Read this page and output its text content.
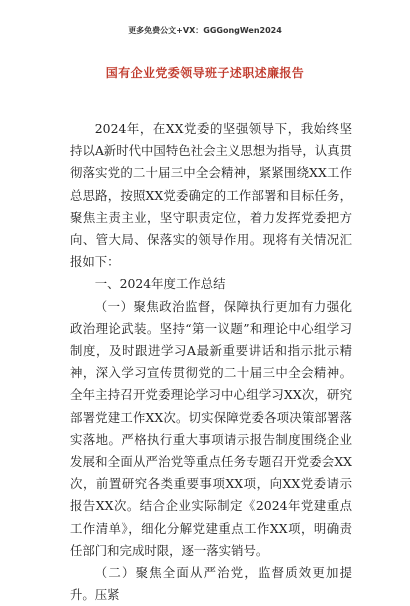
更多免费公文+VX：GGGongWen2024
国有企业党委领导班子述职述廉报告

2024年，在XX党委的坚强领导下，我始终坚持以A新时代中国特色社会主义思想为指导，认真贯彻落实党的二十届三中全会精神，紧紧围绕XX工作总思路，按照XX党委确定的工作部署和目标任务，聚焦主责主业，坚守职责定位，着力发挥党委把方向、管大局、保落实的领导作用。现将有关情况汇报如下：

一、2024年度工作总结

（一）聚焦政治监督，保障执行更加有力强化政治理论武装。坚持“第一议题”和理论中心组学习制度，及时跟进学习A最新重要讲话和指示批示精神，深入学习宣传贯彻党的二十届三中全会精神。全年主持召开党委理论学习中心组学习XX次，研究部署党建工作XX次。切实保障党委各项决策部署落实落地。严格执行重大事项请示报告制度围绕企业发展和全面从严治党等重点任务专题召开党委会XX次，前置研究各类重要事项XX项，向XX党委请示报告XX次。结合企业实际制定《2024年党建重点工作清单》，细化分解党建重点工作XX项，明确责任部门和完成时限，逐一落实销号。

（二）聚焦全面从严治党，监督质效更加提升。压紧
